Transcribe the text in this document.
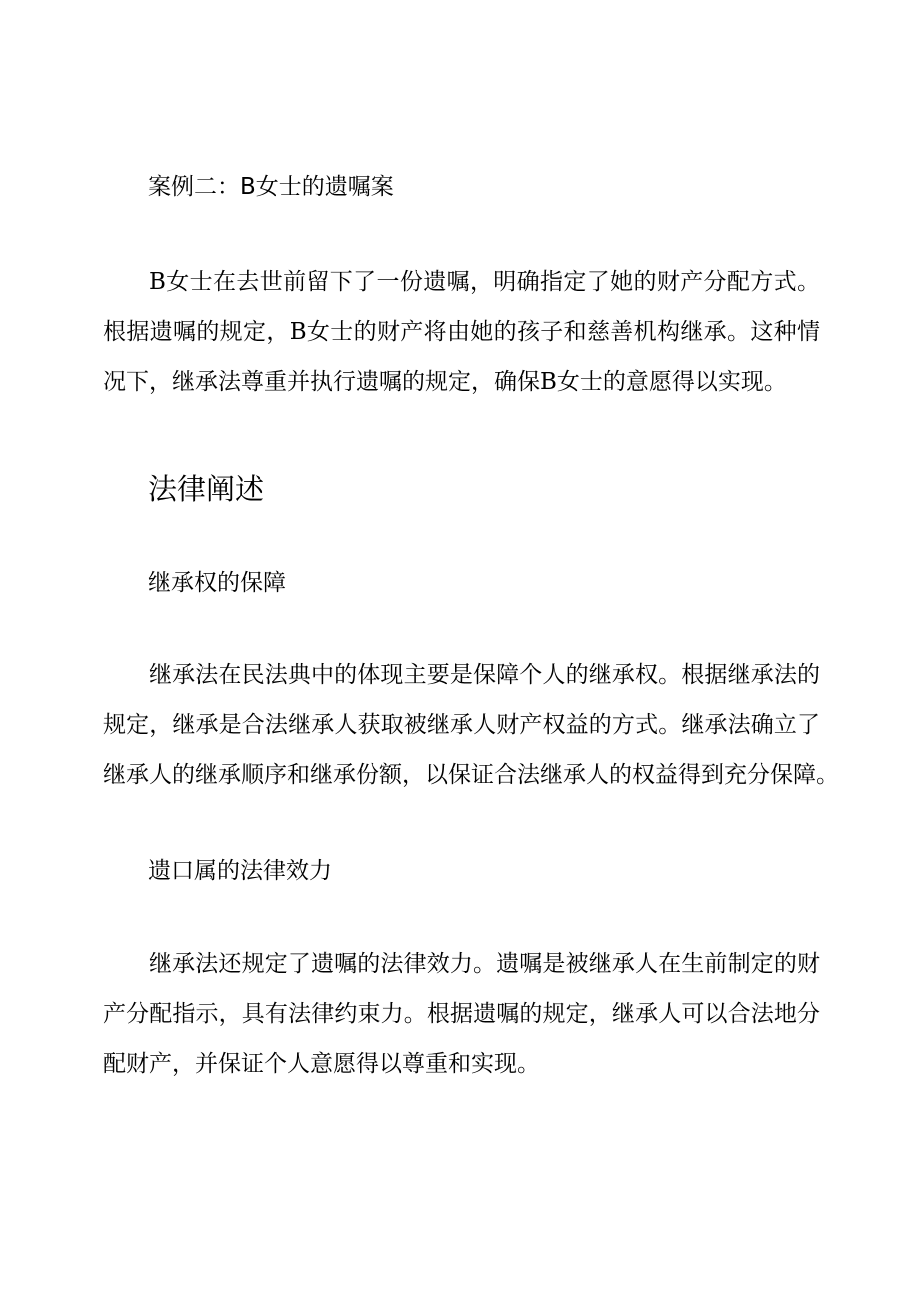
案例二：B女士的遗嘱案
B女士在去世前留下了一份遗嘱，明确指定了她的财产分配方式。
根据遗嘱的规定，B女士的财产将由她的孩子和慈善机构继承。这种情
况下，继承法尊重并执行遗嘱的规定，确保B女士的意愿得以实现。
法律阐述
继承权的保障
继承法在民法典中的体现主要是保障个人的继承权。根据继承法的
规定，继承是合法继承人获取被继承人财产权益的方式。继承法确立了
继承人的继承顺序和继承份额，以保证合法继承人的权益得到充分保障。
遗口属的法律效力
继承法还规定了遗嘱的法律效力。遗嘱是被继承人在生前制定的财
产分配指示，具有法律约束力。根据遗嘱的规定，继承人可以合法地分
配财产，并保证个人意愿得以尊重和实现。
